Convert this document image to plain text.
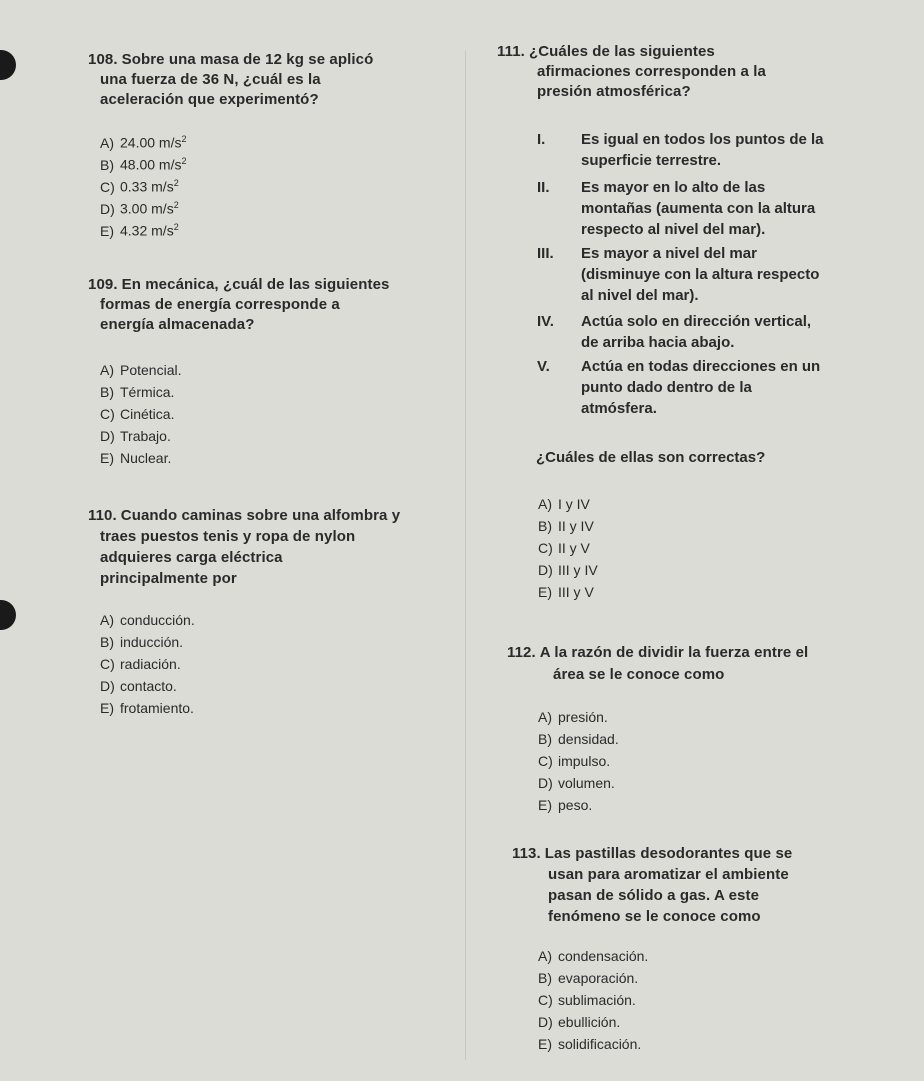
108. Sobre una masa de 12 kg se aplicó
una fuerza de 36 N, ¿cuál es la
aceleración que experimentó?
A) 24.00 $m/s^2$
B) 48.00 $m/s^2$
C) 0.33 $m/s^2$
D) 3.00 $m/s^2$
E) 4.32 $m/s^2$
109. En mecánica, ¿cuál de las siguientes
formas de energía corresponde a
energía almacenada?
A) Potencial.
B) Térmica.
C) Cinética.
D) Trabajo.
E) Nuclear.
110. Cuando caminas sobre una alfombra y
traes puestos tenis y ropa de nylon
adquieres carga eléctrica
principalmente por
A) conducción.
B) inducción.
C) radiación.
D) contacto.
E) frotamiento.
111. ¿Cuáles de las siguientes
afirmaciones corresponden a la
presión atmosférica?
I.	Es igual en todos los puntos de la
superficie terrestre.
II.	Es mayor en lo alto de las
montañas (aumenta con la altura
respecto al nivel del mar).
III.	Es mayor a nivel del mar
(disminuye con la altura respecto
al nivel del mar).
IV.	Actúa solo en dirección vertical,
de arriba hacia abajo.
V.	Actúa en todas direcciones en un
punto dado dentro de la
atmósfera.

¿Cuáles de ellas son correctas?

A) I y IV
B) II y IV
C) II y V
D) III y IV
E) III y V
112. A la razón de dividir la fuerza entre el
área se le conoce como
A) presión.
B) densidad.
C) impulso.
D) volumen.
E) peso.
113. Las pastillas desodorantes que se
usan para aromatizar el ambiente
pasan de sólido a gas. A este
fenómeno se le conoce como
A) condensación.
B) evaporación.
C) sublimación.
D) ebullición.
E) solidificación.
